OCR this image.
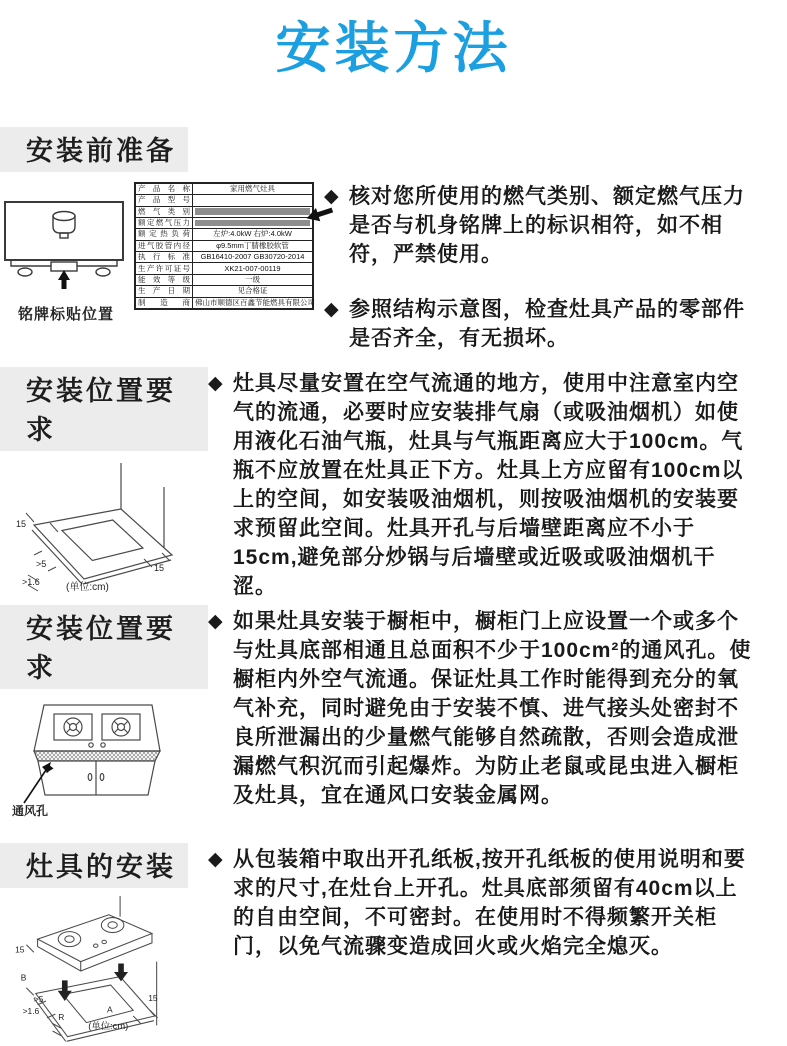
安装方法
安装前准备
铭牌标贴位置
产品名称	家用燃气灶具
产品型号	
燃气类别	

额定燃气压力	

额定热负荷	左炉:4.0kW 右炉:4.0kW
进气胶管内径	φ9.5mm丁腈橡胶软管
执行标准	GB16410-2007 GB30720-2014
生产许可证号	XK21-007-00119
能效等级	一级
生产日期	见合格证
制造商	佛山市顺德区百鑫节能燃具有限公司
◆ 核对您所使用的燃气类别、额定燃气压力是否与机身铭牌上的标识相符，如不相符，严禁使用。
◆ 参照结构示意图，检查灶具产品的零部件是否齐全，有无损坏。
安装位置要求
15
>5
>1.6
15
(单位:cm)
◆ 灶具尽量安置在空气流通的地方，使用中注意室内空气的流通，必要时应安装排气扇（或吸油烟机）如使用液化石油气瓶，灶具与气瓶距离应大于100cm。气瓶不应放置在灶具正下方。灶具上方应留有100cm以上的空间，如安装吸油烟机，则按吸油烟机的安装要求预留此空间。灶具开孔与后墙壁距离应不小于15cm,避免部分炒锅与后墙壁或近吸或吸油烟机干涩。
安装位置要求
通风孔
◆ 如果灶具安装于橱柜中，橱柜门上应设置一个或多个与灶具底部相通且总面积不少于100cm²的通风孔。使橱柜内外空气流通。保证灶具工作时能得到充分的氧气补充，同时避免由于安装不慎、进气接头处密封不良所泄漏出的少量燃气能够自然疏散，否则会造成泄漏燃气积沉而引起爆炸。为防止老鼠或昆虫进入橱柜及灶具，宜在通风口安装金属网。
灶具的安装
15
B
>5
>1.6
R
A
15
(单位:cm)
◆ 从包装箱中取出开孔纸板,按开孔纸板的使用说明和要求的尺寸,在灶台上开孔。灶具底部须留有40cm以上的自由空间，不可密封。在使用时不得频繁开关柜门，以免气流骤变造成回火或火焰完全熄灭。
